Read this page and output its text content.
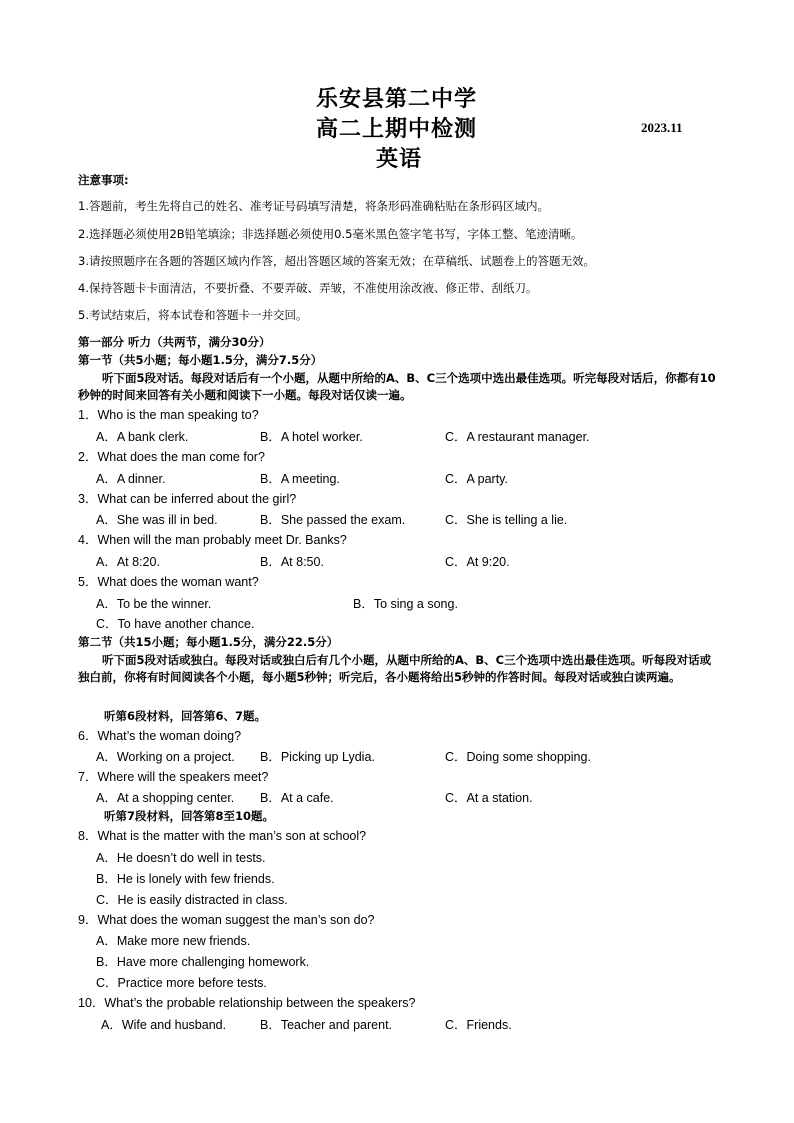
乐安县第二中学
高二上期中检测	2023.11
英语
注意事项:
1.答题前，考生先将自己的姓名、准考证号码填写清楚，将条形码准确粘贴在条形码区域内。
2.选择题必须使用2B铅笔填涂；非选择题必须使用0.5毫米黑色签字笔书写，字体工整、笔迹清晰。
3.请按照题序在各题的答题区域内作答，超出答题区域的答案无效；在草稿纸、试题卷上的答题无效。
4.保持答题卡卡面清洁，不要折叠、不要弄破、弄皱，不准使用涂改液、修正带、刮纸刀。
5.考试结束后，将本试卷和答题卡一并交回。
第一部分 听力（共两节，满分30分）
第一节（共5小题；每小题1.5分，满分7.5分）
听下面5段对话。每段对话后有一个小题，从题中所给的A、B、C三个选项中选出最佳选项。听完每段对话后，你都有10秒钟的时间来回答有关小题和阅读下一小题。每段对话仅读一遍。
1．Who is the man speaking to?
A．A bank clerk.	B．A hotel worker.	C．A restaurant manager.
2．What does the man come for?
A．A dinner.	B．A meeting.	C．A party.
3．What can be inferred about the girl?
A．She was ill in bed.	B．She passed the exam.	C．She is telling a lie.
4．When will the man probably meet Dr. Banks?
A．At 8:20.	B．At 8:50.	C．At 9:20.
5．What does the woman want?
A．To be the winner.	B．To sing a song.
C．To have another chance.
第二节（共15小题；每小题1.5分，满分22.5分）
听下面5段对话或独白。每段对话或独白后有几个小题，从题中所给的A、B、C三个选项中选出最佳选项。听每段对话或独白前，你将有时间阅读各个小题，每小题5秒钟；听完后，各小题将给出5秒钟的作答时间。每段对话或独白读两遍。
听第6段材料，回答第6、7题。
6．What’s the woman doing?
A．Working on a project. B．Picking up Lydia.	C．Doing some shopping.
7．Where will the speakers meet?
A．At a shopping center. B．At a cafe.	C．At a station.
听第7段材料，回答第8至10题。
8．What is the matter with the man’s son at school?
A．He doesn’t do well in tests.
B．He is lonely with few friends.
C．He is easily distracted in class.
9．What does the woman suggest the man’s son do?
A．Make more new friends.
B．Have more challenging homework.
C．Practice more before tests.
10．What’s the probable relationship between the speakers?
A．Wife and husband.	B．Teacher and parent.	C．Friends.
